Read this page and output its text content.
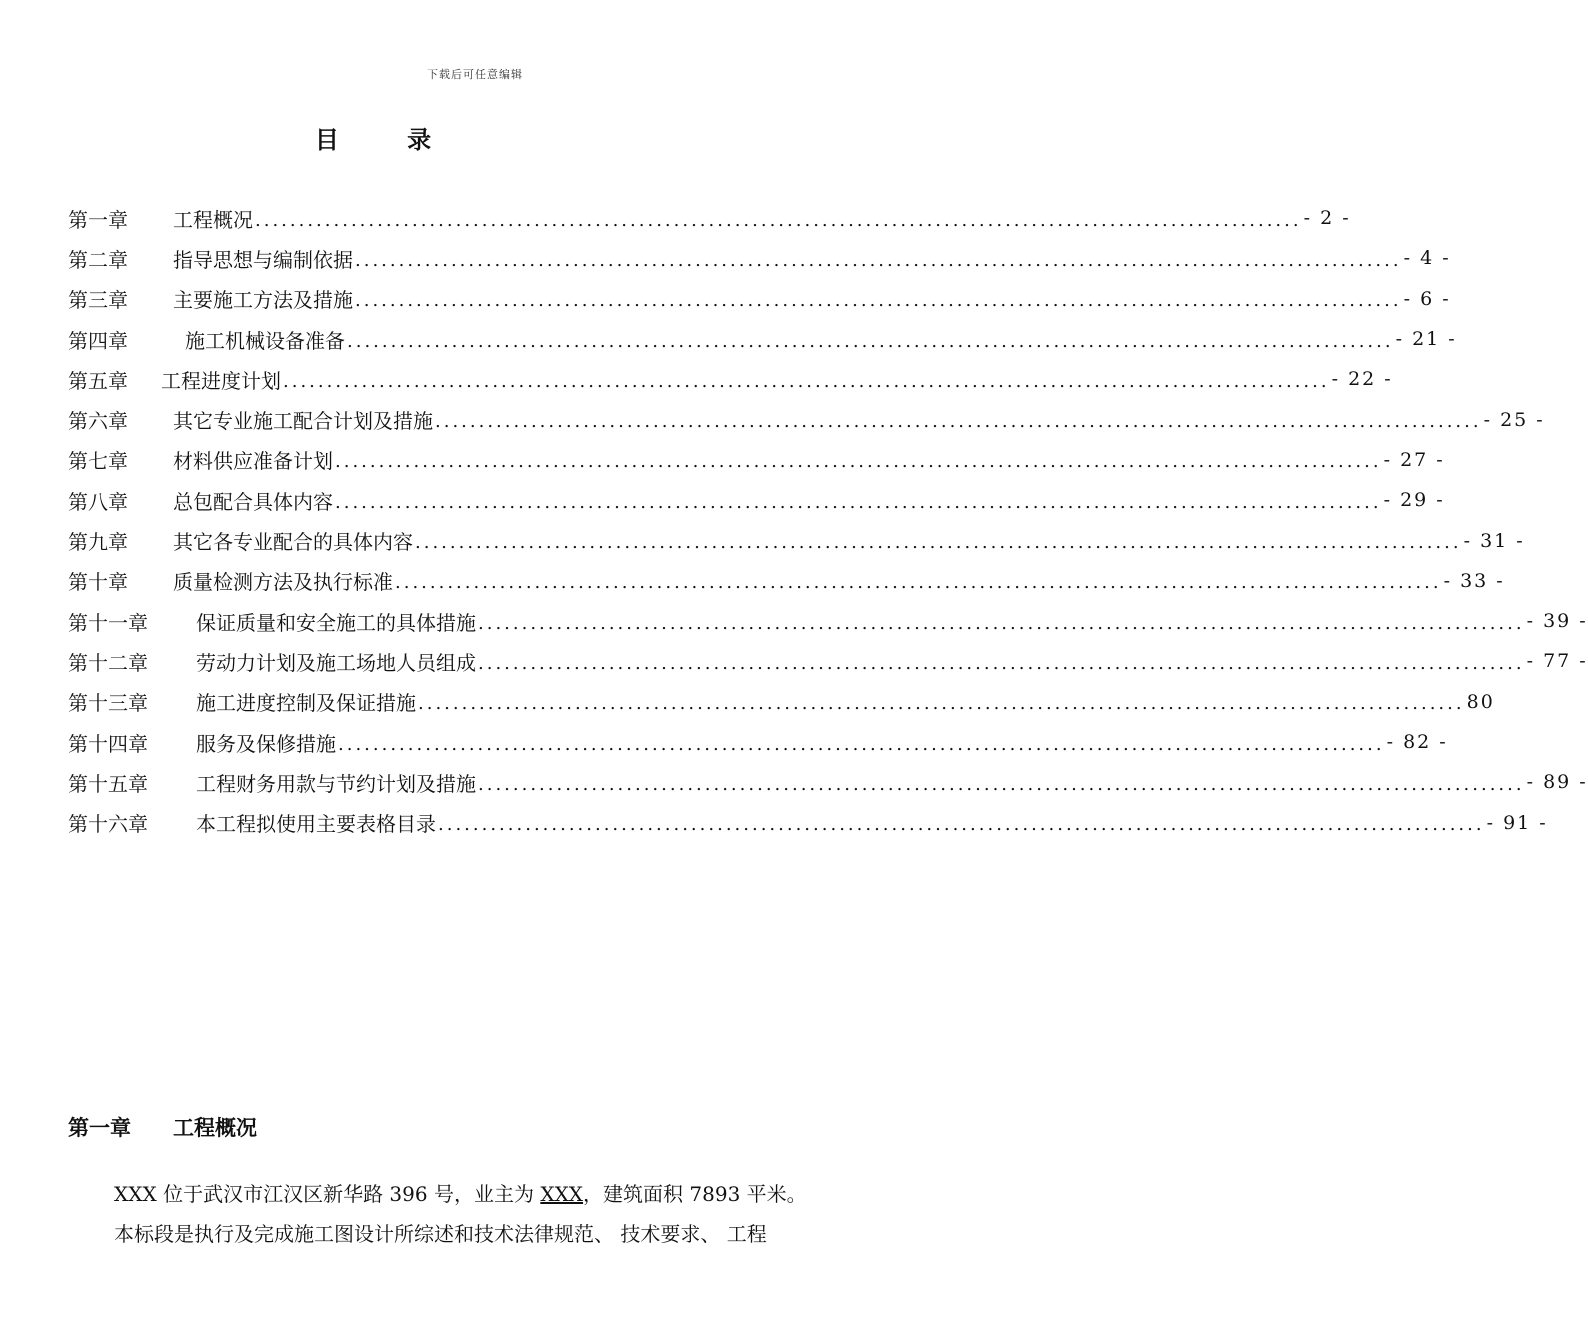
下载后可任意编辑
目 录
第一章 工程概况 ........................................................................................................................ - 2 -
第二章 指导思想与编制依据 ........................................................................................................................ - 4 -
第三章 主要施工方法及措施 ........................................................................................................................ - 6 -
第四章	施工机械设备准备 ........................................................................................................................ - 21 -
第五章 工程进度计划 ........................................................................................................................ - 22 -
第六章 其它专业施工配合计划及措施 ........................................................................................................................ - 25 -
第七章 材料供应准备计划 ........................................................................................................................ - 27 -
第八章 总包配合具体内容 ........................................................................................................................ - 29 -
第九章 其它各专业配合的具体内容 ........................................................................................................................ - 31 -
第十章 质量检测方法及执行标准 ........................................................................................................................ - 33 -
第十一章 保证质量和安全施工的具体措施 ........................................................................................................................ - 39 -
第十二章 劳动力计划及施工场地人员组成 ........................................................................................................................ - 77 -
第十三章 施工进度控制及保证措施 ........................................................................................................................ 80
第十四章 服务及保修措施 ........................................................................................................................ - 82 -
第十五章 工程财务用款与节约计划及措施 ........................................................................................................................ - 89 -
第十六章 本工程拟使用主要表格目录 ........................................................................................................................ - 91 -
第一章 工程概况
XXX 位于武汉市江汉区新华路 396 号，业主为 XXX，建筑面积 7893 平米。
本标段是执行及完成施工图设计所综述和技术法律规范、 技术要求、 工程
